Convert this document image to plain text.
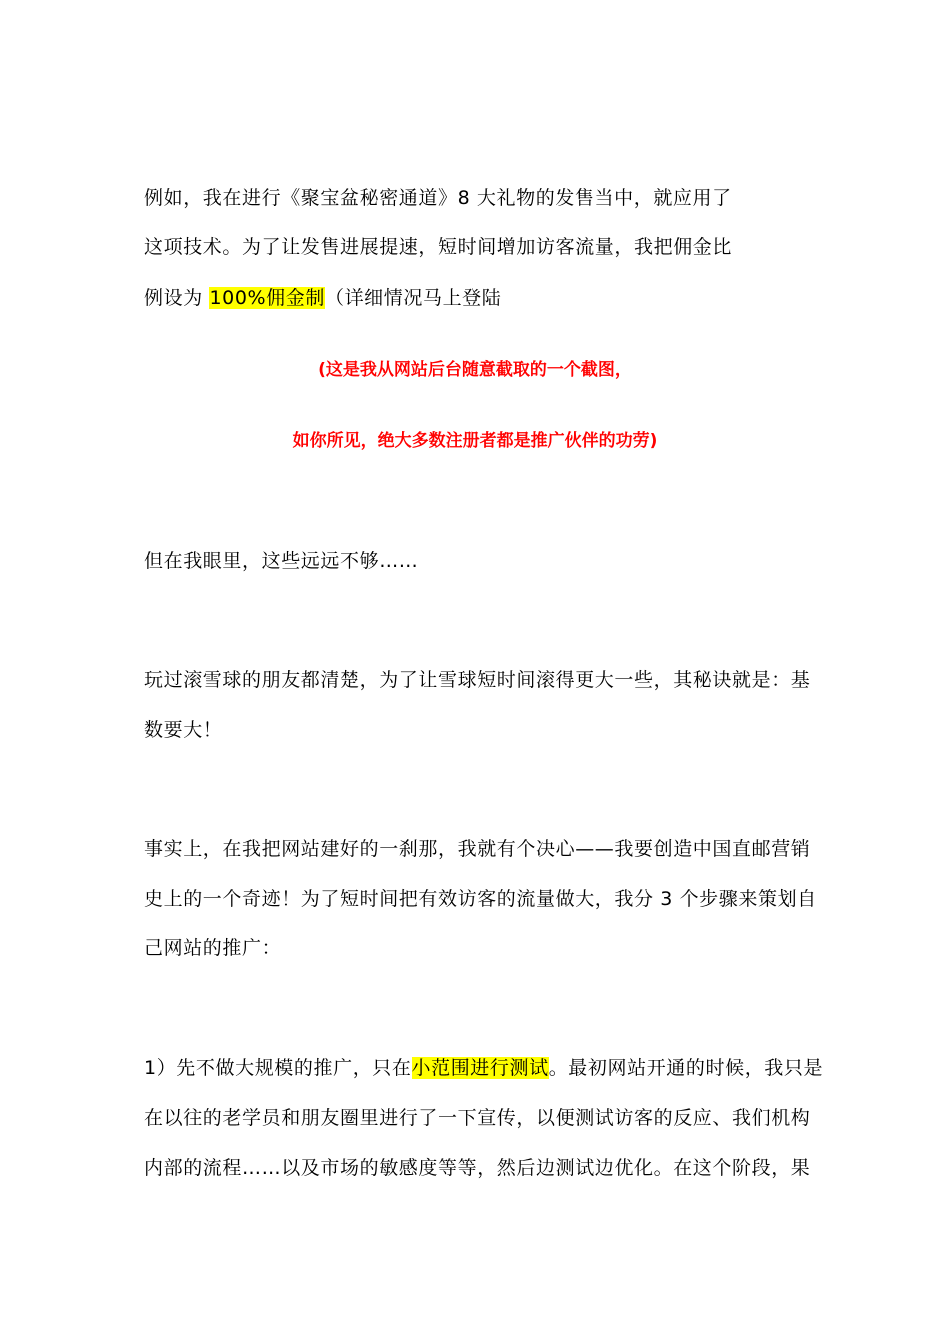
例如，我在进行《聚宝盆秘密通道》8 大礼物的发售当中，就应用了
这项技术。为了让发售进展提速，短时间增加访客流量，我把佣金比
例设为 100%佣金制（详细情况马上登陆
(这是我从网站后台随意截取的一个截图，
如你所见，绝大多数注册者都是推广伙伴的功劳)
但在我眼里，这些远远不够……
玩过滚雪球的朋友都清楚，为了让雪球短时间滚得更大一些，其秘诀就是：基
数要大！
事实上，在我把网站建好的一刹那，我就有个决心——我要创造中国直邮营销
史上的一个奇迹！为了短时间把有效访客的流量做大，我分 3 个步骤来策划自
己网站的推广：
1）先不做大规模的推广，只在小范围进行测试。最初网站开通的时候，我只是
在以往的老学员和朋友圈里进行了一下宣传，以便测试访客的反应、我们机构
内部的流程……以及市场的敏感度等等，然后边测试边优化。在这个阶段，果
